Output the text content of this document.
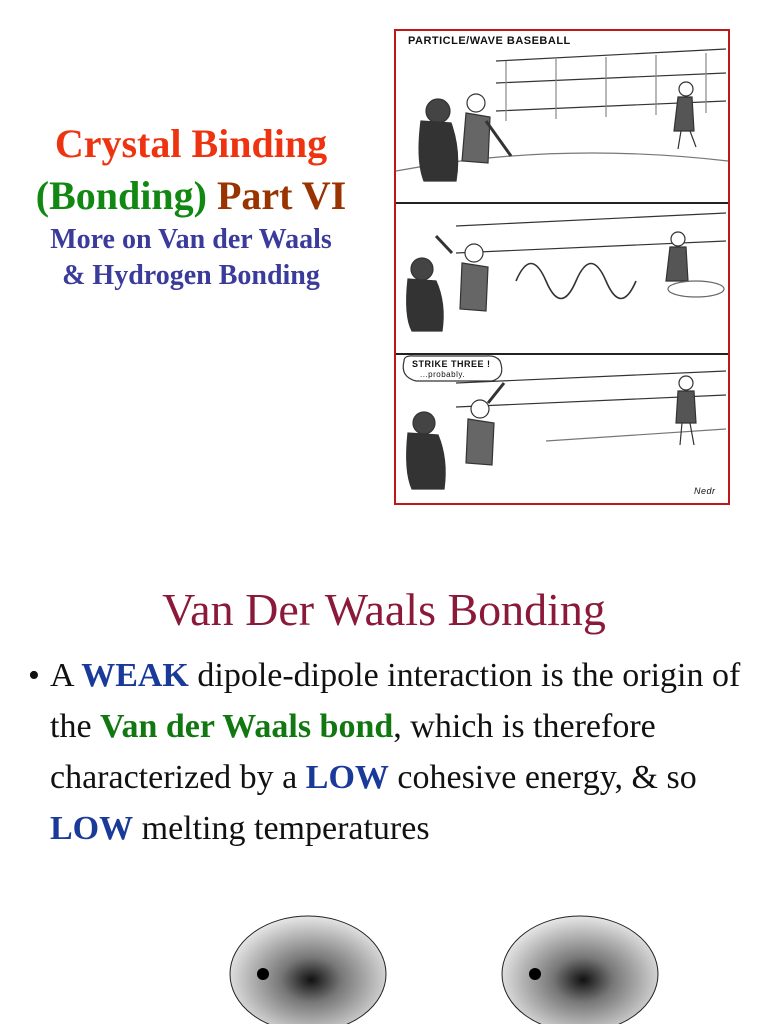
Crystal Binding
(Bonding) Part VI
More on Van der Waals
& Hydrogen Bonding
PARTICLE/WAVE BASEBALL
STRIKE THREE !
...probably.
Nedr
Van Der Waals Bonding
• A WEAK dipole-dipole interaction is the origin of the Van der Waals bond, which is therefore characterized by a LOW cohesive energy, & so LOW melting temperatures
